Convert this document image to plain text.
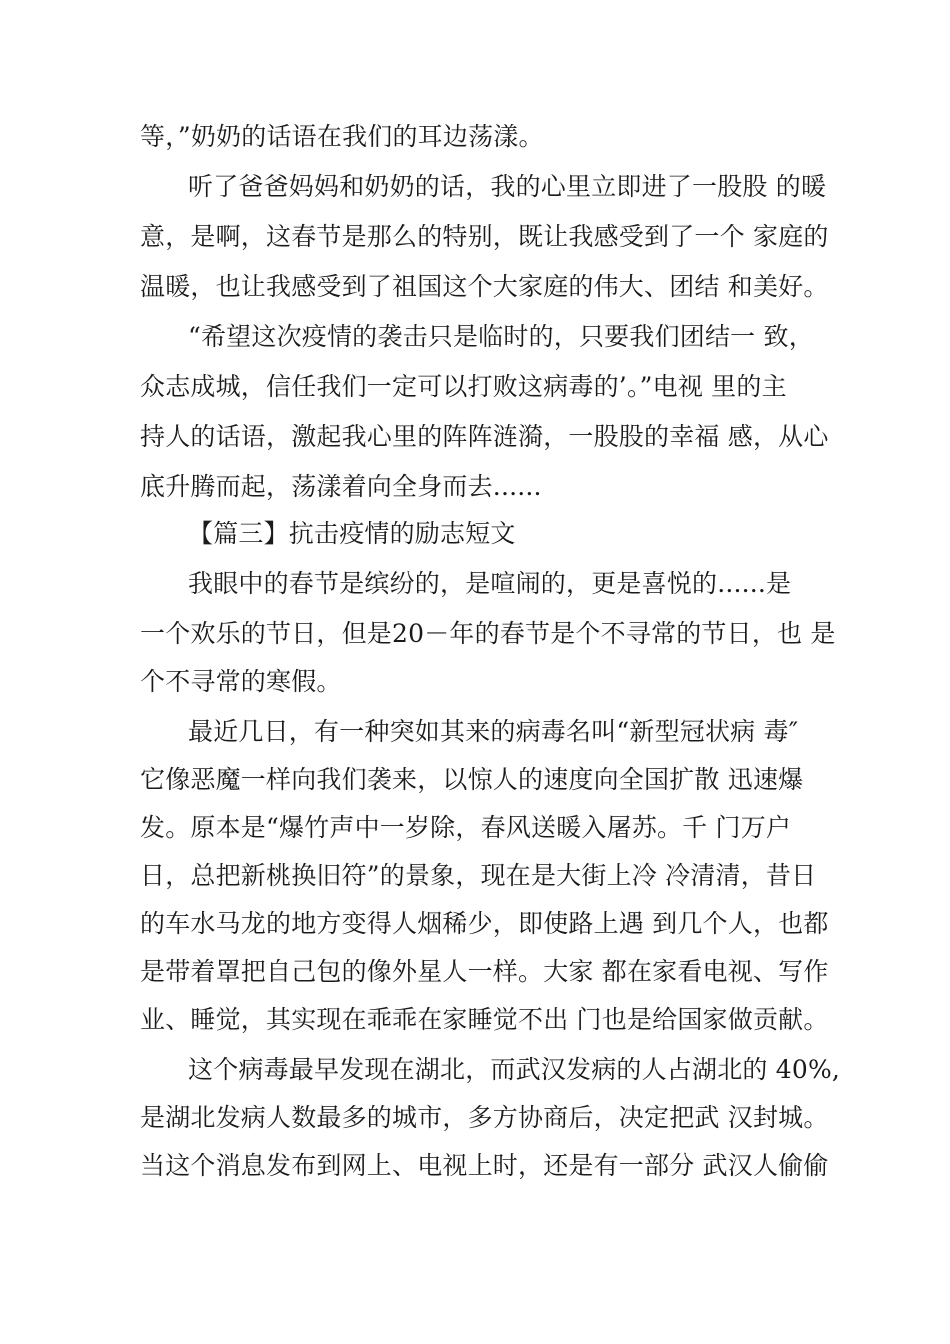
等，”奶奶的话语在我们的耳边荡漾。

听了爸爸妈妈和奶奶的话，我的心里立即进了一股股 的暖

意，是啊，这春节是那么的特别，既让我感受到了一个 家庭的

温暖，也让我感受到了祖国这个大家庭的伟大、团结 和美好。

“希望这次疫情的袭击只是临时的，只要我们团结一 致，

众志成城，信任我们一定可以打败这病毒的’。”电视 里的主

持人的话语，激起我心里的阵阵涟漪，一股股的幸福 感，从心

底升腾而起，荡漾着向全身而去......

【篇三】抗击疫情的励志短文

我眼中的春节是缤纷的，是喧闹的，更是喜悦的......是

一个欢乐的节日，但是20－年的春节是个不寻常的节日，也 是

个不寻常的寒假。

最近几日，有一种突如其来的病毒名叫“新型冠状病 毒″

它像恶魔一样向我们袭来，以惊人的速度向全国扩散 迅速爆

发。原本是“爆竹声中一岁除，春风送暖入屠苏。千 门万户

日，总把新桃换旧符”的景象，现在是大街上冷 冷清清，昔日

的车水马龙的地方变得人烟稀少，即使路上遇 到几个人，也都

是带着罩把自己包的像外星人一样。大家 都在家看电视、写作

业、睡觉，其实现在乖乖在家睡觉不出 门也是给国家做贡献。

这个病毒最早发现在湖北，而武汉发病的人占湖北的 40%,

是湖北发病人数最多的城市，多方协商后，决定把武 汉封城。

当这个消息发布到网上、电视上时，还是有一部分 武汉人偷偷
